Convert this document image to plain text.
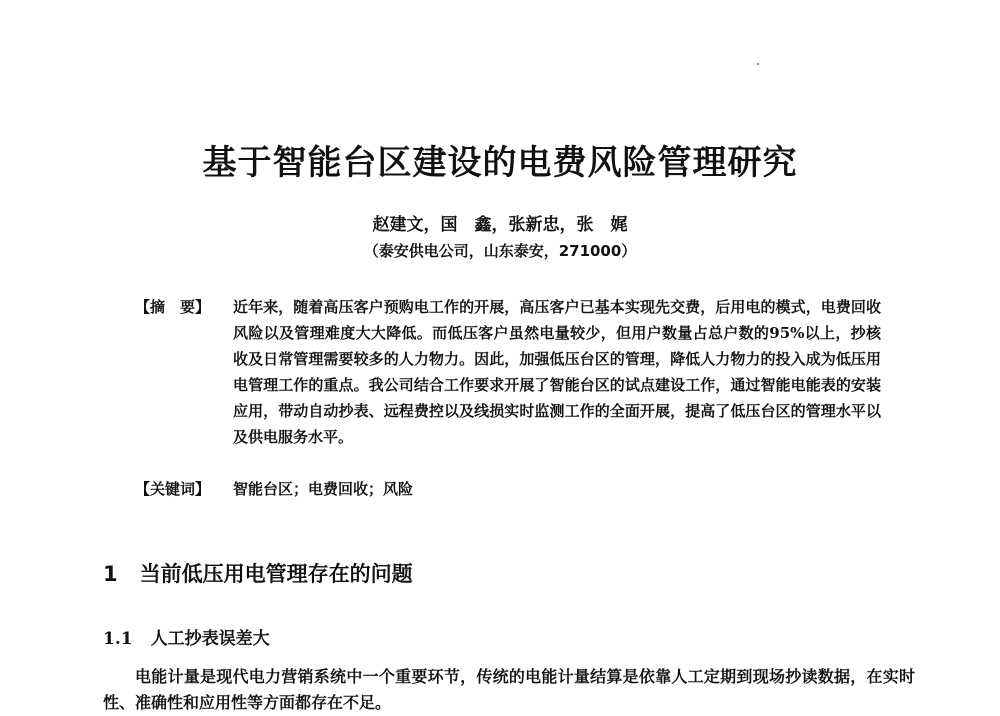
基于智能台区建设的电费风险管理研究
赵建文，国　鑫，张新忠，张　娓
（泰安供电公司，山东泰安，271000）
【摘　要】 近年来，随着高压客户预购电工作的开展，高压客户已基本实现先交费，后用电的模式，电费回收风险以及管理难度大大降低。而低压客户虽然电量较少，但用户数量占总户数的95%以上，抄核收及日常管理需要较多的人力物力。因此，加强低压台区的管理，降低人力物力的投入成为低压用电管理工作的重点。我公司结合工作要求开展了智能台区的试点建设工作，通过智能电能表的安装应用，带动自动抄表、远程费控以及线损实时监测工作的全面开展，提高了低压台区的管理水平以及供电服务水平。
【关键词】 智能台区；电费回收；风险
1 当前低压用电管理存在的问题
1.1 人工抄表误差大
电能计量是现代电力营销系统中一个重要环节，传统的电能计量结算是依靠人工定期到现场抄读数据，在实时性、准确性和应用性等方面都存在不足。
